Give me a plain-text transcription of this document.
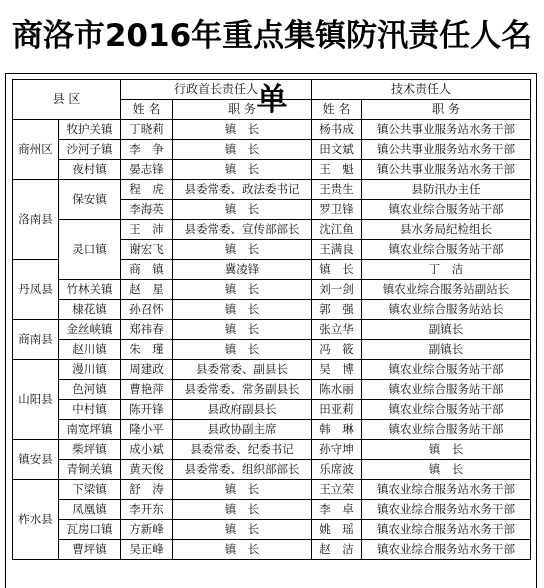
商洛市2016年重点集镇防汛责任人名单
县 区		行政首长责任人		技术责任人		
		姓 名	职 务	姓 名	职 务	
商州区	牧护关镇	丁晓莉	镇　长	杨书成	镇公共事业服务站水务干部	
	沙河子镇	李　争	镇　长	田文斌	镇公共事业服务站水务干部	
	夜村镇	晏志锋	镇　长	王　魁	镇公共事业服务站水务干部	
洛南县	保安镇	程　虎	县委常委、政法委书记	王贵生	县防汛办主任	
		李海英	镇　长	罗卫锋	镇农业综合服务站干部	
	灵口镇	王　沛	县委常委、宣传部部长	沈江鱼	县水务局纪检组长	
		谢宏飞	镇　长	王满良	镇农业综合服务站干部	
丹凤县		商　镇	冀凌锋	镇　长	丁　洁	
	竹林关镇	赵　星	镇　长	刘一剑	镇农业综合服务站副站长	
	棣花镇	孙召怀	镇　长	郭　强	镇农业综合服务站站长	
商南县	金丝峡镇	郑祎春	镇　长	张立华	副镇长	
	赵川镇	朱　瑾	镇　长	冯　筱	副镇长	
山阳县	漫川镇	周建政	县委常委、副县长	吴　博	镇农业综合服务站干部	
	色河镇	曹艳萍	县委常委、常务副县长	陈水丽	镇农业综合服务站干部	
	中村镇	陈开锋	县政府副县长	田亚莉	镇农业综合服务站干部	
	南宽坪镇	隆小平	县政协副主席	韩　琳	镇农业综合服务站干部	
镇安县	柴坪镇	成小斌	县委常委、纪委书记	孙守坤	镇　长	
	青铜关镇	黄天俊	县委常委、组织部部长	乐席波	镇　长	
柞水县	下梁镇	舒　涛	镇　长	王立荣	镇农业综合服务站水务干部	
	凤凰镇	李开东	镇　长	李　卓	镇农业综合服务站水务干部	
	瓦房口镇	方新峰	镇　长	姚　瑶	镇农业综合服务站水务干部	
	曹坪镇	吴正峰	镇　长	赵　洁	镇农业综合服务站水务干部	
